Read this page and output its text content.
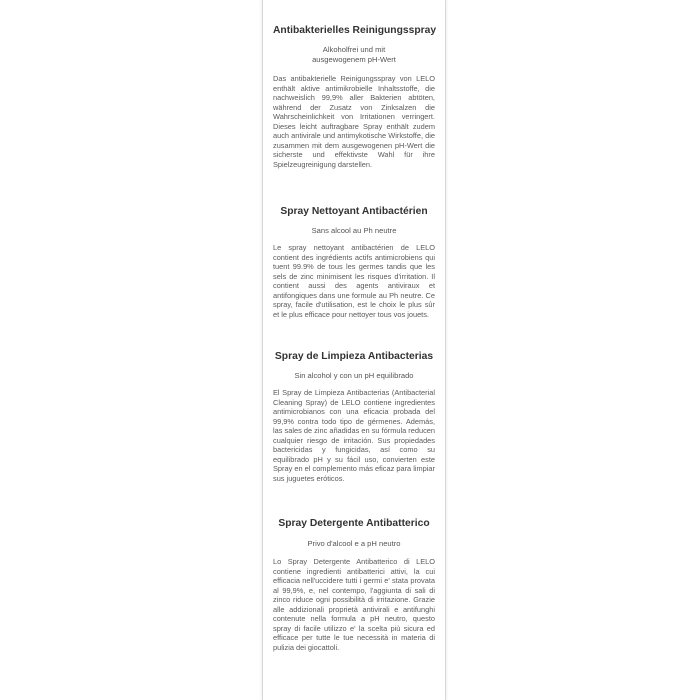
Antibakterielles Reinigungsspray

Alkoholfrei und mit ausgewogenem pH-Wert

Das antibakterielle Reinigungsspray von LELO enthält aktive antimikrobielle Inhaltsstoffe, die nachweislich 99,9% aller Bakterien abtöten, während der Zusatz von Zinksalzen die Wahrscheinlichkeit von Irritationen verringert. Dieses leicht auftragbare Spray enthält zudem auch antivirale und antimykotische Wirkstoffe, die zusammen mit dem ausgewogenen pH-Wert die sicherste und effektivste Wahl für ihre Spielzeugreinigung darstellen.

Spray Nettoyant Antibactérien

Sans alcool au Ph neutre

Le spray nettoyant antibactérien de LELO contient des ingrédients actifs antimicrobiens qui tuent 99.9% de tous les germes tandis que les sels de zinc minimisent les risques d'irritation. Il contient aussi des agents antiviraux et antifongiques dans une formule au Ph neutre. Ce spray, facile d'utilisation, est le choix le plus sûr et le plus efficace pour nettoyer tous vos jouets.

Spray de Limpieza Antibacterias

Sin alcohol y con un pH equilibrado

El Spray de Limpieza Antibacterias (Antibacterial Cleaning Spray) de LELO contiene ingredientes antimicrobianos con una eficacia probada del 99,9% contra todo tipo de gérmenes. Además, las sales de zinc añadidas en su fórmula reducen cualquier riesgo de irritación. Sus propiedades bactericidas y fungicidas, así como su equilibrado pH y su fácil uso, convierten este Spray en el complemento más eficaz para limpiar sus juguetes eróticos.

Spray Detergente Antibatterico

Privo d'alcool e a pH neutro

Lo Spray Detergente Antibatterico di LELO contiene ingredienti antibatterici attivi, la cui efficacia nell'uccidere tutti i germi e' stata provata al 99,9%, e, nel contempo, l'aggiunta di sali di zinco riduce ogni possibilità di irritazione. Grazie alle addizionali proprietà antivirali e antifunghi contenute nella formula a pH neutro, questo spray di facile utilizzo e' la scelta più sicura ed efficace per tutte le tue necessità in materia di pulizia dei giocattoli.
